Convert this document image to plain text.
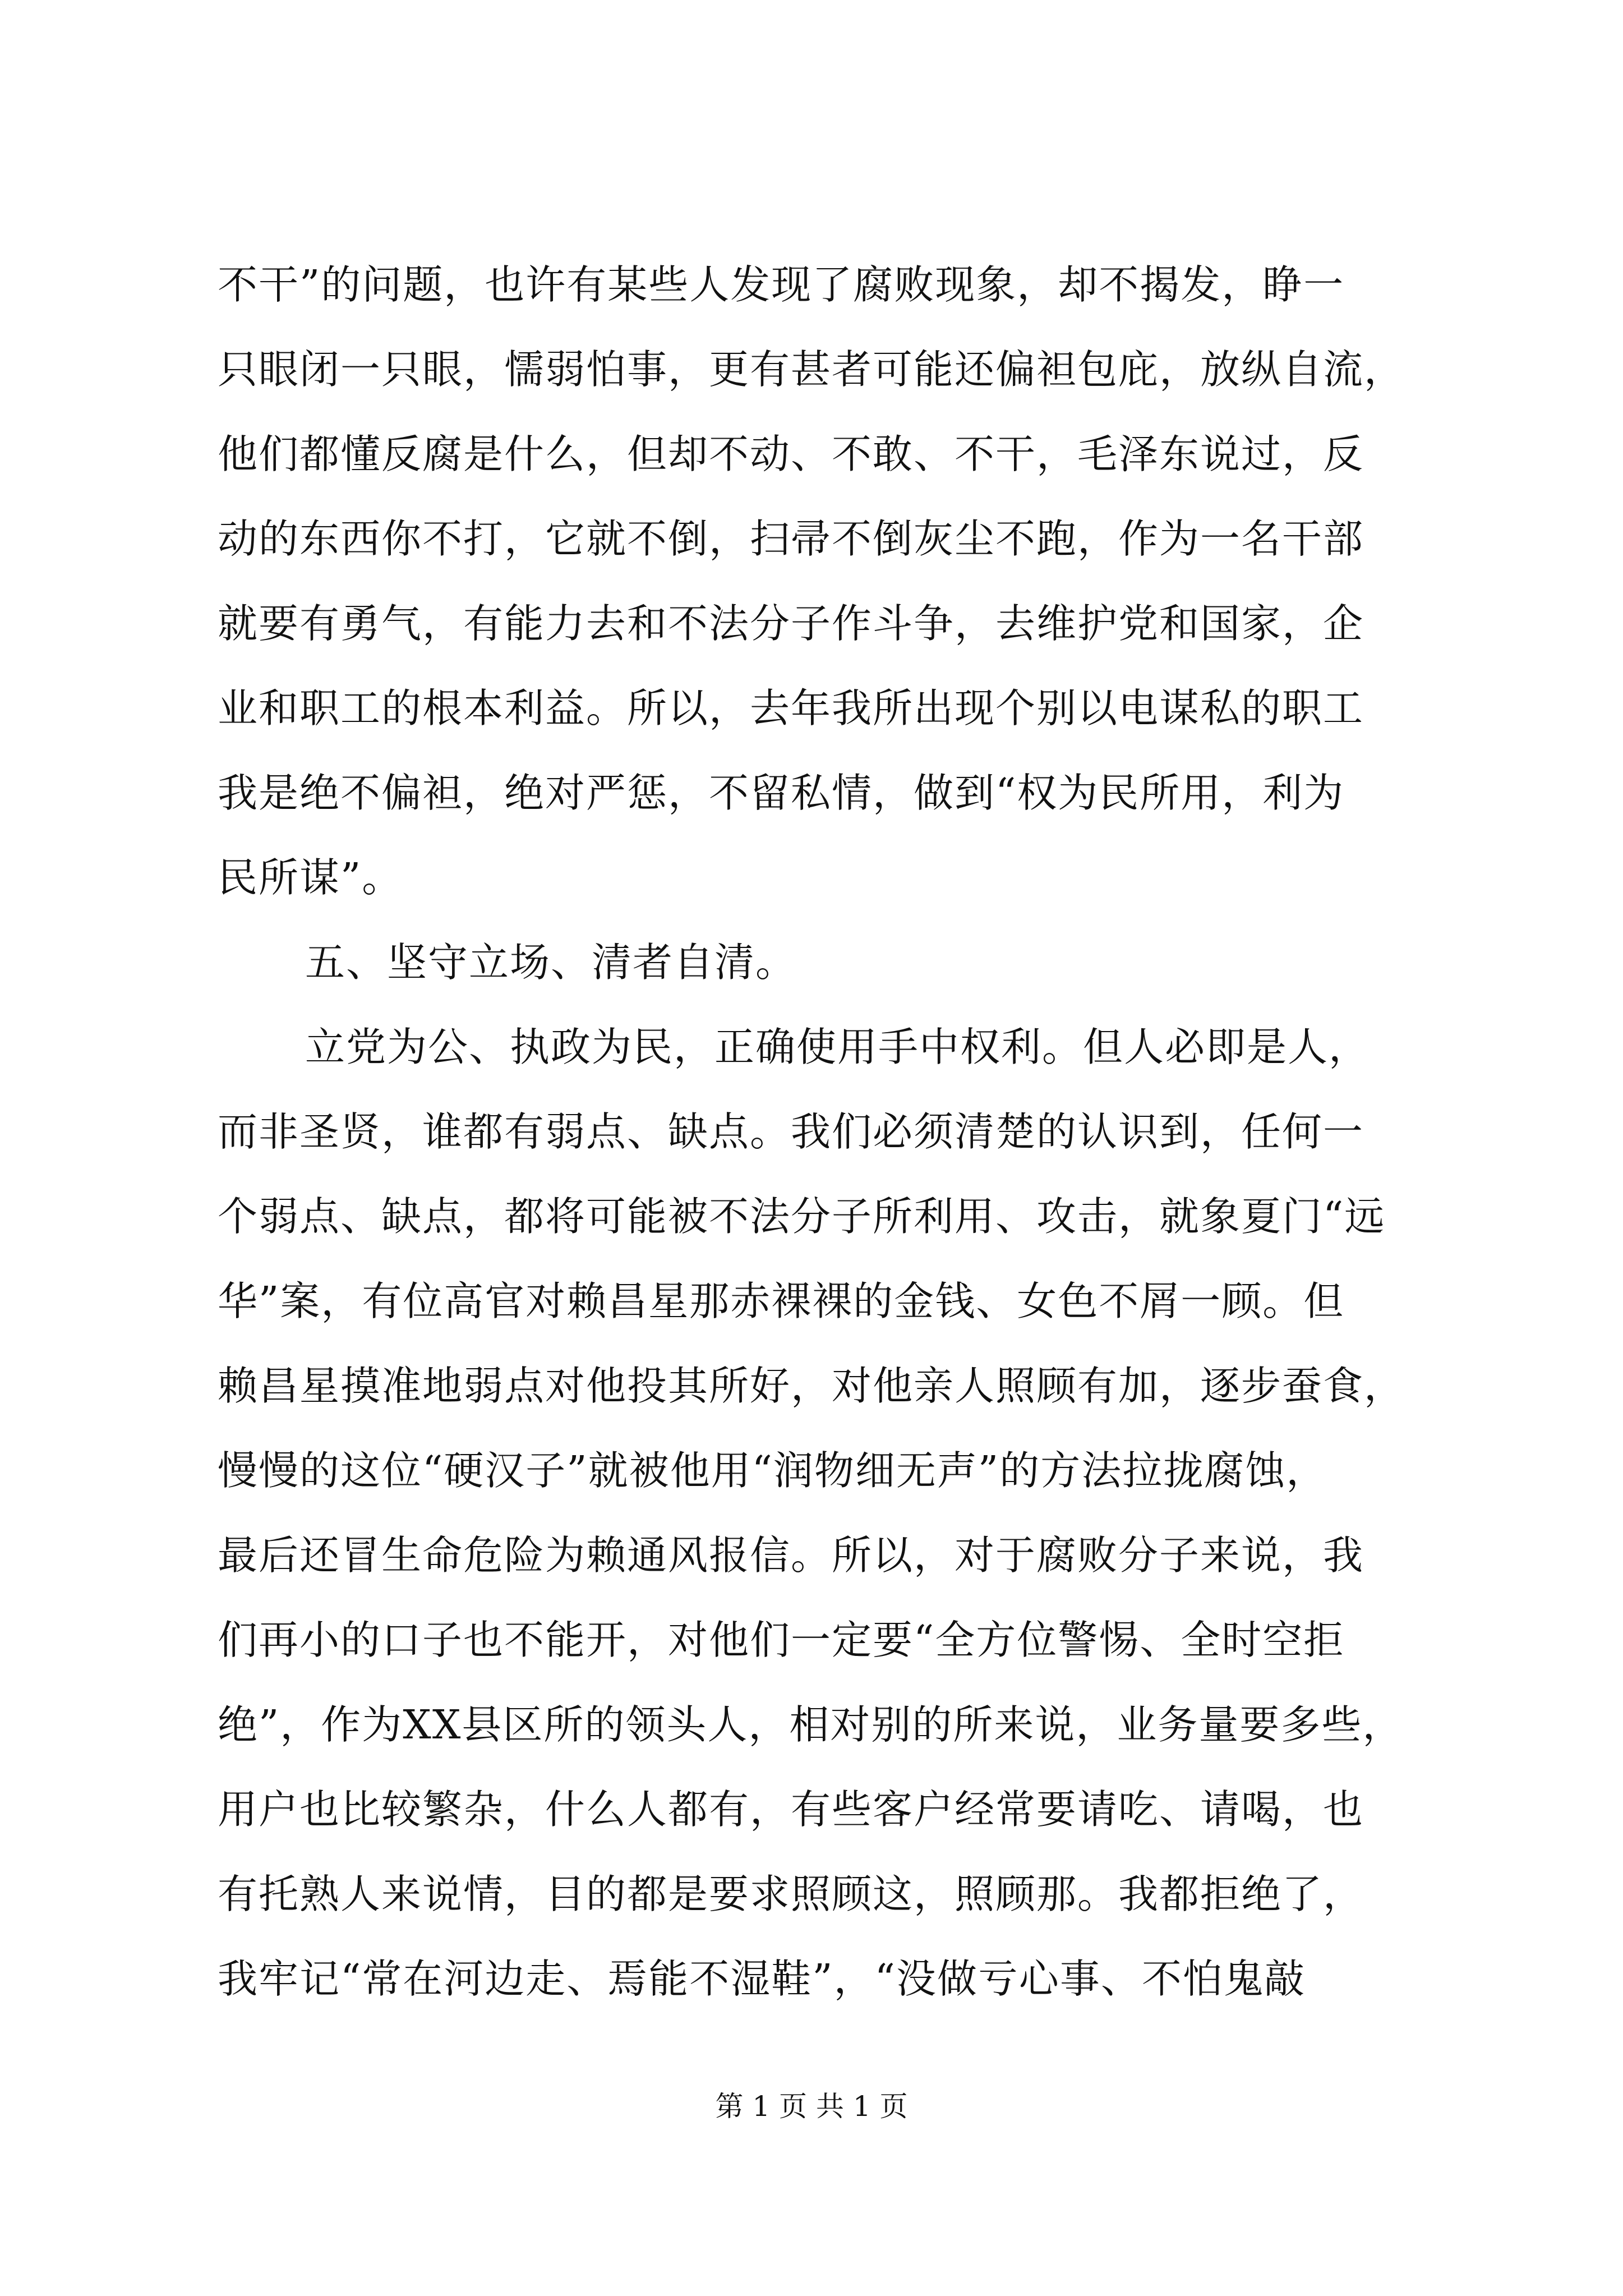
不干”的问题，也许有某些人发现了腐败现象，却不揭发，睁一
只眼闭一只眼，懦弱怕事，更有甚者可能还偏袒包庇，放纵自流，
他们都懂反腐是什么，但却不动、不敢、不干，毛泽东说过，反
动的东西你不打，它就不倒，扫帚不倒灰尘不跑，作为一名干部
就要有勇气，有能力去和不法分子作斗争，去维护党和国家，企
业和职工的根本利益。所以，去年我所出现个别以电谋私的职工
我是绝不偏袒，绝对严惩，不留私情，做到“权为民所用，利为
民所谋”。
五、坚守立场、清者自清。
立党为公、执政为民，正确使用手中权利。但人必即是人，
而非圣贤，谁都有弱点、缺点。我们必须清楚的认识到，任何一
个弱点、缺点，都将可能被不法分子所利用、攻击，就象夏门“远
华”案，有位高官对赖昌星那赤裸裸的金钱、女色不屑一顾。但
赖昌星摸准地弱点对他投其所好，对他亲人照顾有加，逐步蚕食，
慢慢的这位“硬汉子”就被他用“润物细无声”的方法拉拢腐蚀，
最后还冒生命危险为赖通风报信。所以，对于腐败分子来说，我
们再小的口子也不能开，对他们一定要“全方位警惕、全时空拒
绝”，作为XX县区所的领头人，相对别的所来说，业务量要多些，
用户也比较繁杂，什么人都有，有些客户经常要请吃、请喝，也
有托熟人来说情，目的都是要求照顾这，照顾那。我都拒绝了，
我牢记“常在河边走、焉能不湿鞋”，“没做亏心事、不怕鬼敲
第 1 页 共 1 页
